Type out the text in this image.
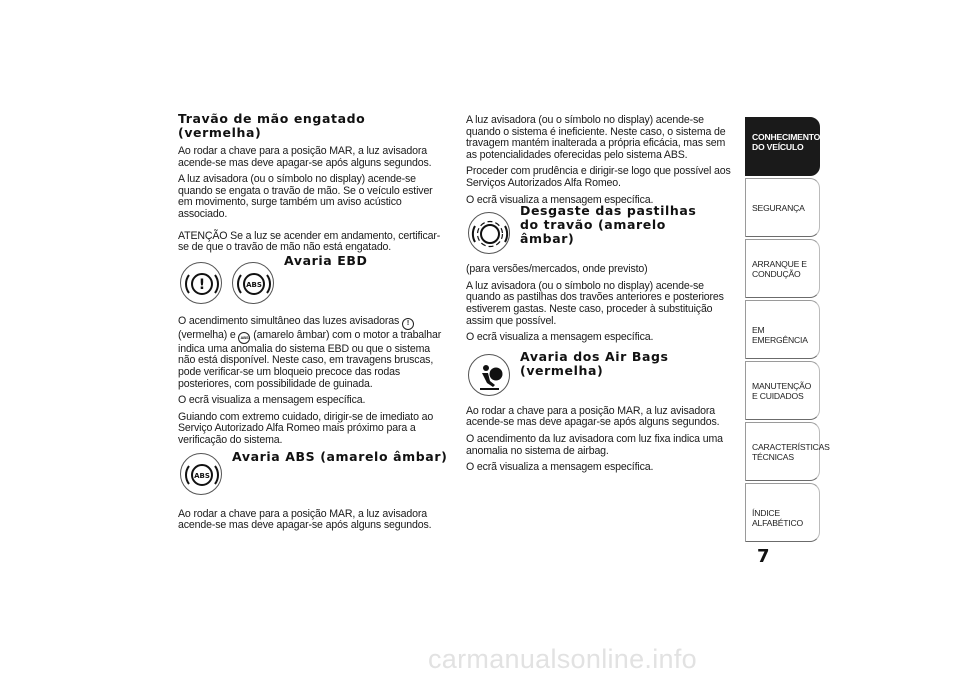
Travão de mão engatado (vermelha)

Ao rodar a chave para a posição MAR, a luz avisadora acende-se mas deve apagar-se após alguns segundos.

A luz avisadora (ou o símbolo no display) acende-se quando se engata o travão de mão. Se o veículo estiver em movimento, surge também um aviso acústico associado.

ATENÇÃO Se a luz se acender em andamento, certificar-se de que o travão de mão não está engatado.

!	ABS
Avaria EBD

O acendimento simultâneo das luzes avisadoras ! (vermelha) e ABS (amarelo âmbar) com o motor a trabalhar indica uma anomalia do sistema EBD ou que o sistema não está disponível. Neste caso, em travagens bruscas, pode verificar-se um bloqueio precoce das rodas posteriores, com possibilidade de guinada.

O ecrã visualiza a mensagem específica.

Guiando com extremo cuidado, dirigir-se de imediato ao Serviço Autorizado Alfa Romeo mais próximo para a verificação do sistema.

ABS
Avaria ABS (amarelo âmbar)

Ao rodar a chave para a posição MAR, a luz avisadora acende-se mas deve apagar-se após alguns segundos.

A luz avisadora (ou o símbolo no display) acende-se quando o sistema é ineficiente. Neste caso, o sistema de travagem mantém inalterada a própria eficácia, mas sem as potencialidades oferecidas pelo sistema ABS.

Proceder com prudência e dirigir-se logo que possível aos Serviços Autorizados Alfa Romeo.

O ecrã visualiza a mensagem específica.

Desgaste das pastilhas do travão (amarelo âmbar)

(para versões/mercados, onde previsto)

A luz avisadora (ou o símbolo no display) acende-se quando as pastilhas dos travões anteriores e posteriores estiverem gastas. Neste caso, proceder à substituição assim que possível.

O ecrã visualiza a mensagem específica.

Avaria dos Air Bags (vermelha)

Ao rodar a chave para a posição MAR, a luz avisadora acende-se mas deve apagar-se após alguns segundos.

O acendimento da luz avisadora com luz fixa indica uma anomalia no sistema de airbag.

O ecrã visualiza a mensagem específica.

CONHECIMENTO DO VEÍCULO
SEGURANÇA
ARRANQUE E CONDUÇÃO
EM EMERGÊNCIA
MANUTENÇÃO E CUIDADOS
CARACTERÍSTICAS TÉCNICAS
ÍNDICE ALFABÉTICO
7
carmanualsonline.info
